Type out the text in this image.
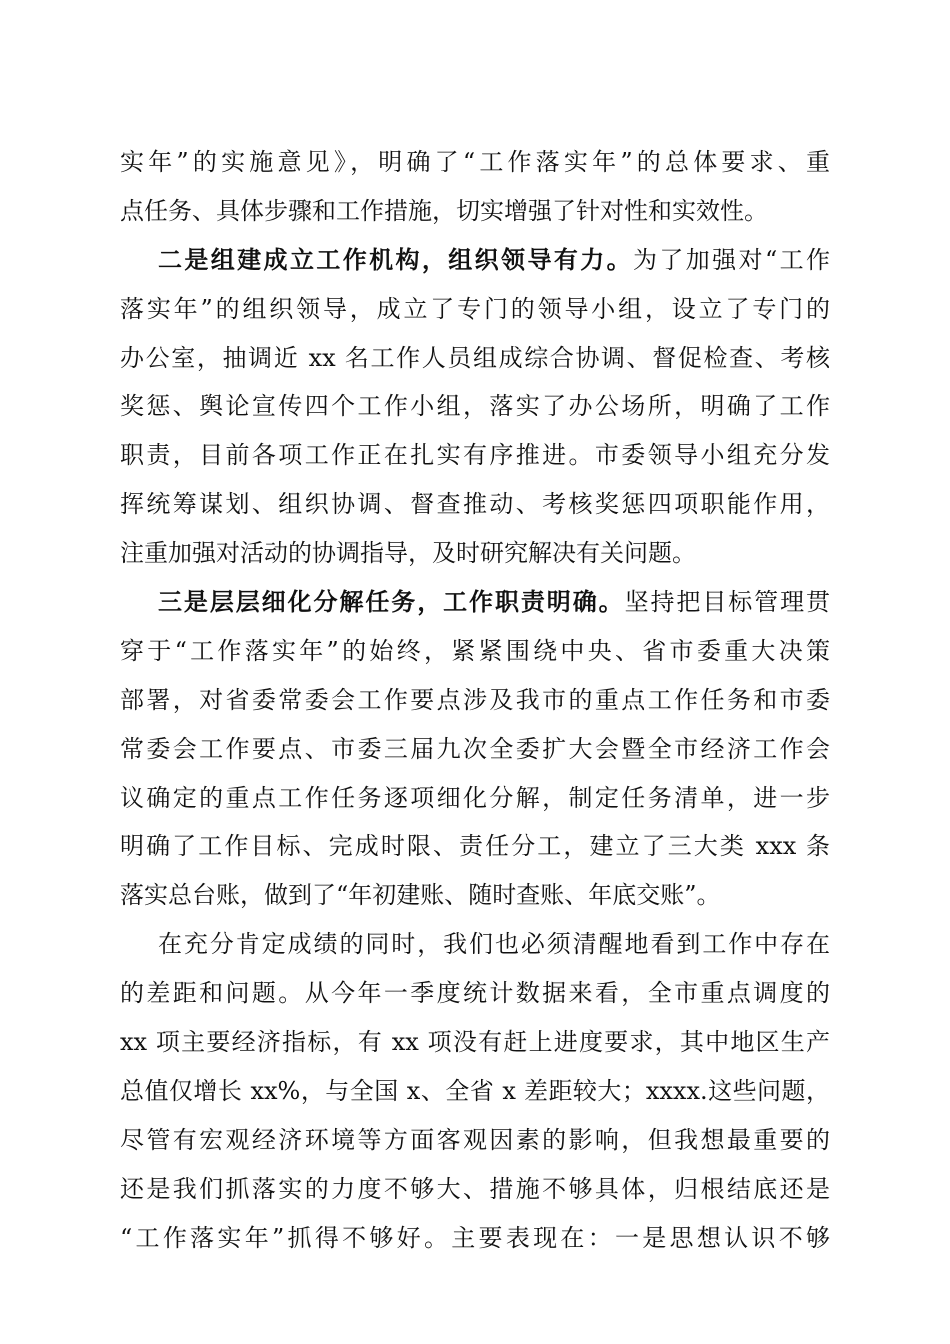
实年”的实施意见》，明确了“工作落实年”的总体要求、重
点任务、具体步骤和工作措施，切实增强了针对性和实效性。
二是组建成立工作机构，组织领导有力。为了加强对“工作
落实年”的组织领导，成立了专门的领导小组，设立了专门的
办公室，抽调近 xx 名工作人员组成综合协调、督促检查、考核
奖惩、舆论宣传四个工作小组，落实了办公场所，明确了工作
职责，目前各项工作正在扎实有序推进。市委领导小组充分发
挥统筹谋划、组织协调、督查推动、考核奖惩四项职能作用，
注重加强对活动的协调指导，及时研究解决有关问题。
三是层层细化分解任务，工作职责明确。坚持把目标管理贯
穿于“工作落实年”的始终，紧紧围绕中央、省市委重大决策
部署，对省委常委会工作要点涉及我市的重点工作任务和市委
常委会工作要点、市委三届九次全委扩大会暨全市经济工作会
议确定的重点工作任务逐项细化分解，制定任务清单，进一步
明确了工作目标、完成时限、责任分工，建立了三大类 xxx 条
落实总台账，做到了“年初建账、随时查账、年底交账”。
在充分肯定成绩的同时，我们也必须清醒地看到工作中存在
的差距和问题。从今年一季度统计数据来看，全市重点调度的
xx 项主要经济指标，有 xx 项没有赶上进度要求，其中地区生产
总值仅增长 xx%，与全国 x、全省 x 差距较大；xxxx.这些问题，
尽管有宏观经济环境等方面客观因素的影响，但我想最重要的
还是我们抓落实的力度不够大、措施不够具体，归根结底还是
“工作落实年”抓得不够好。主要表现在：一是思想认识不够
